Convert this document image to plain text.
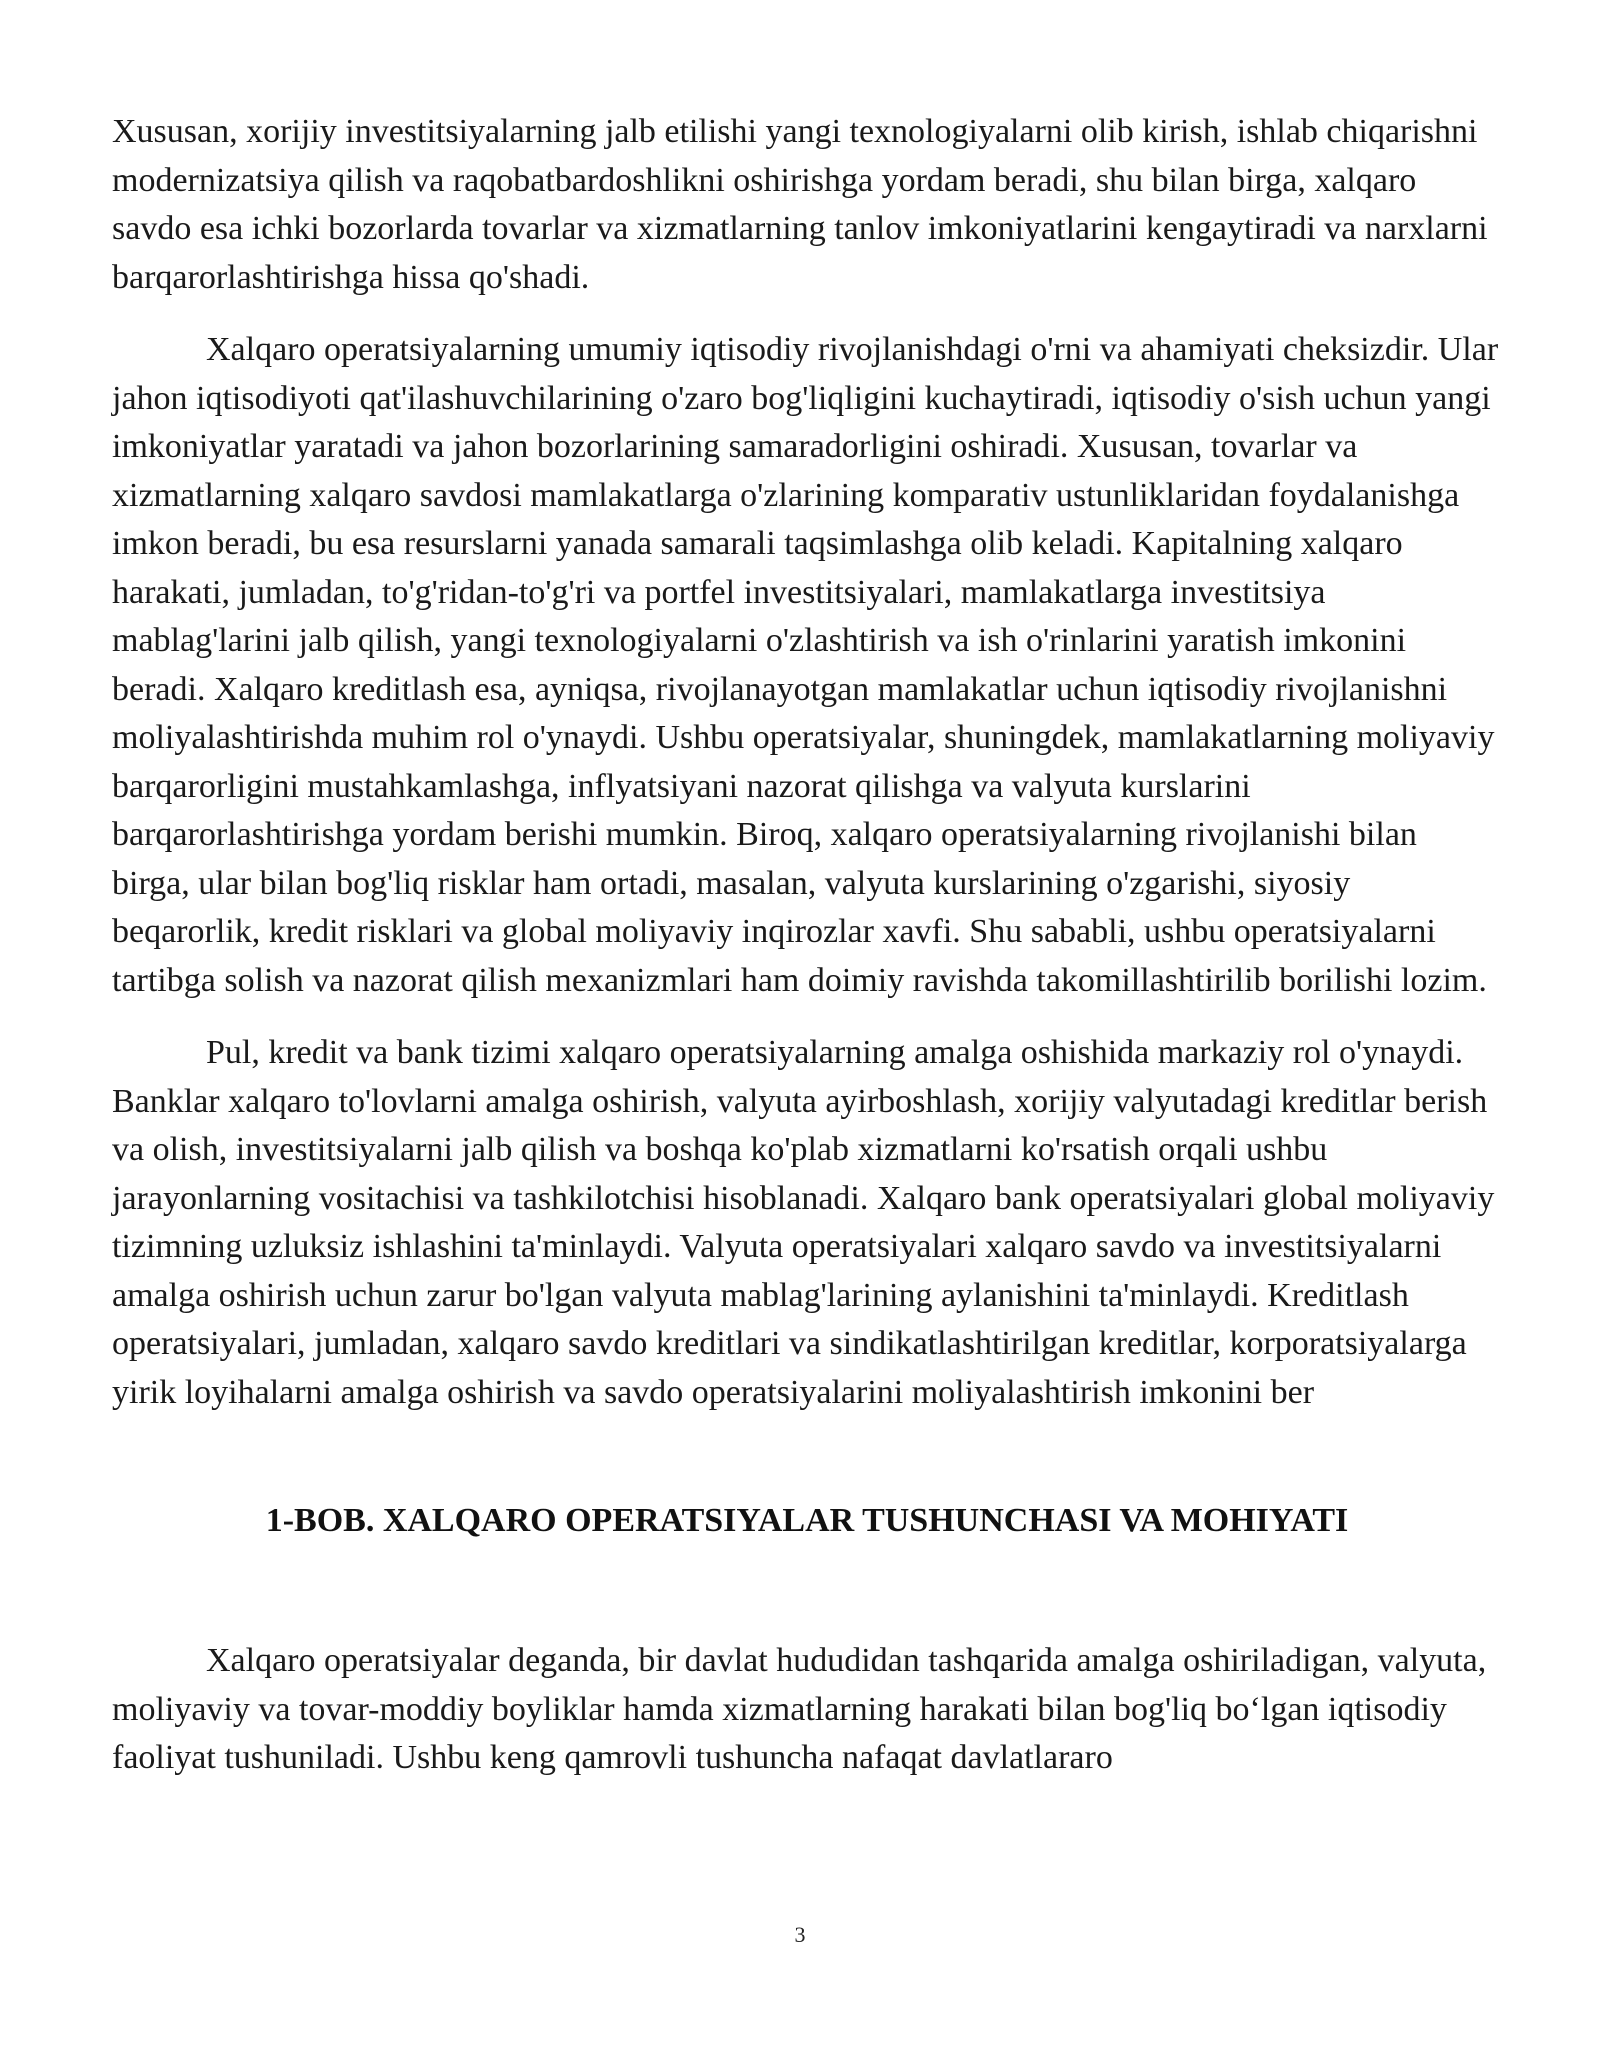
Xususan, xorijiy investitsiyalarning jalb etilishi yangi texnologiyalarni olib kirish, ishlab chiqarishni modernizatsiya qilish va raqobatbardoshlikni oshirishga yordam beradi, shu bilan birga, xalqaro savdo esa ichki bozorlarda tovarlar va xizmatlarning tanlov imkoniyatlarini kengaytiradi va narxlarni barqarorlashtirishga hissa qo'shadi.

Xalqaro operatsiyalarning umumiy iqtisodiy rivojlanishdagi o'rni va ahamiyati cheksizdir. Ular jahon iqtisodiyoti qat'ilashuvchilarining o'zaro bog'liqligini kuchaytiradi, iqtisodiy o'sish uchun yangi imkoniyatlar yaratadi va jahon bozorlarining samaradorligini oshiradi. Xususan, tovarlar va xizmatlarning xalqaro savdosi mamlakatlarga o'zlarining komparativ ustunliklaridan foydalanishga imkon beradi, bu esa resurslarni yanada samarali taqsimlashga olib keladi. Kapitalning xalqaro harakati, jumladan, to'g'ridan-to'g'ri va portfel investitsiyalari, mamlakatlarga investitsiya mablag'larini jalb qilish, yangi texnologiyalarni o'zlashtirish va ish o'rinlarini yaratish imkonini beradi. Xalqaro kreditlash esa, ayniqsa, rivojlanayotgan mamlakatlar uchun iqtisodiy rivojlanishni moliyalashtirishda muhim rol o'ynaydi. Ushbu operatsiyalar, shuningdek, mamlakatlarning moliyaviy barqarorligini mustahkamlashga, inflyatsiyani nazorat qilishga va valyuta kurslarini barqarorlashtirishga yordam berishi mumkin. Biroq, xalqaro operatsiyalarning rivojlanishi bilan birga, ular bilan bog'liq risklar ham ortadi, masalan, valyuta kurslarining o'zgarishi, siyosiy beqarorlik, kredit risklari va global moliyaviy inqirozlar xavfi. Shu sababli, ushbu operatsiyalarni tartibga solish va nazorat qilish mexanizmlari ham doimiy ravishda takomillashtirilib borilishi lozim.

Pul, kredit va bank tizimi xalqaro operatsiyalarning amalga oshishida markaziy rol o'ynaydi. Banklar xalqaro to'lovlarni amalga oshirish, valyuta ayirboshlash, xorijiy valyutadagi kreditlar berish va olish, investitsiyalarni jalb qilish va boshqa ko'plab xizmatlarni ko'rsatish orqali ushbu jarayonlarning vositachisi va tashkilotchisi hisoblanadi. Xalqaro bank operatsiyalari global moliyaviy tizimning uzluksiz ishlashini ta'minlaydi. Valyuta operatsiyalari xalqaro savdo va investitsiyalarni amalga oshirish uchun zarur bo'lgan valyuta mablag'larining aylanishini ta'minlaydi. Kreditlash operatsiyalari, jumladan, xalqaro savdo kreditlari va sindikatlashtirilgan kreditlar, korporatsiyalarga yirik loyihalarni amalga oshirish va savdo operatsiyalarini moliyalashtirish imkonini ber

1-BOB. XALQARO OPERATSIYALAR TUSHUNCHASI VA MOHIYATI

Xalqaro operatsiyalar deganda, bir davlat hududidan tashqarida amalga oshiriladigan, valyuta, moliyaviy va tovar-moddiy boyliklar hamda xizmatlarning harakati bilan bog'liq bo‘lgan iqtisodiy faoliyat tushuniladi. Ushbu keng qamrovli tushuncha nafaqat davlatlararo

3
